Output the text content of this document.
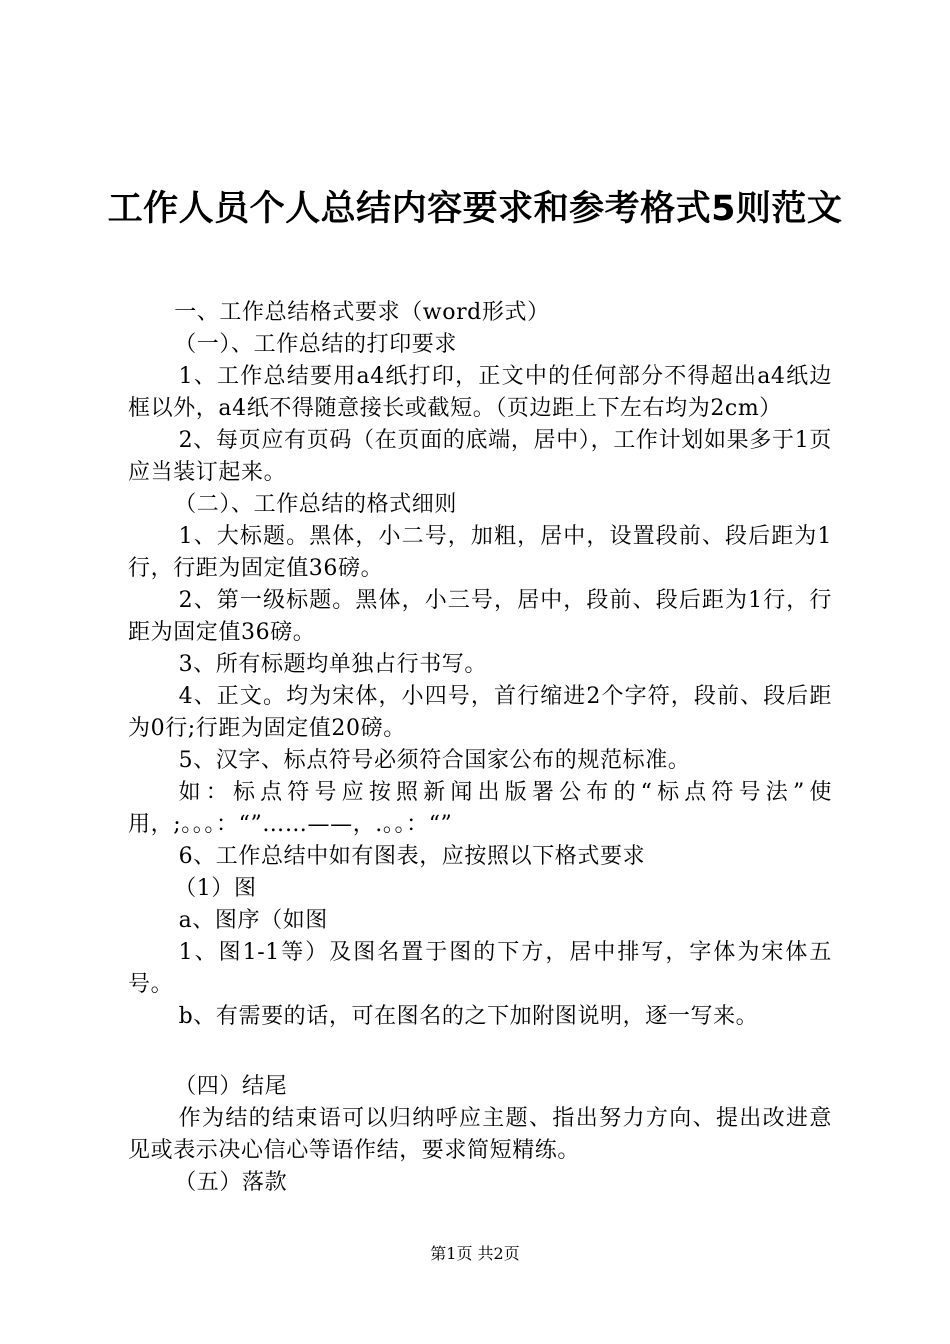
工作人员个人总结内容要求和参考格式5则范文

一、工作总结格式要求（word形式）

（一）、工作总结的打印要求

1、工作总结要用a4纸打印，正文中的任何部分不得超出a4纸边框以外，a4纸不得随意接长或截短。（页边距上下左右均为2cm）

2、每页应有页码（在页面的底端，居中），工作计划如果多于1页应当装订起来。

（二）、工作总结的格式细则

1、大标题。黑体，小二号，加粗，居中，设置段前、段后距为1行，行距为固定值36磅。

2、第一级标题。黑体，小三号，居中，段前、段后距为1行，行距为固定值36磅。

3、所有标题均单独占行书写。

4、正文。均为宋体，小四号，首行缩进2个字符，段前、段后距为0行;行距为固定值20磅。

5、汉字、标点符号必须符合国家公布的规范标准。

如：标点符号应按照新闻出版署公布的“标点符号法”使用，;。。。：“”……——，.。。：“”

6、工作总结中如有图表，应按照以下格式要求

（1）图

a、图序（如图

1、图1-1等）及图名置于图的下方，居中排写，字体为宋体五号。

b、有需要的话，可在图名的之下加附图说明，逐一写来。

（四）结尾

作为结的结束语可以归纳呼应主题、指出努力方向、提出改进意见或表示决心信心等语作结，要求简短精练。

（五）落款

第1页 共2页
